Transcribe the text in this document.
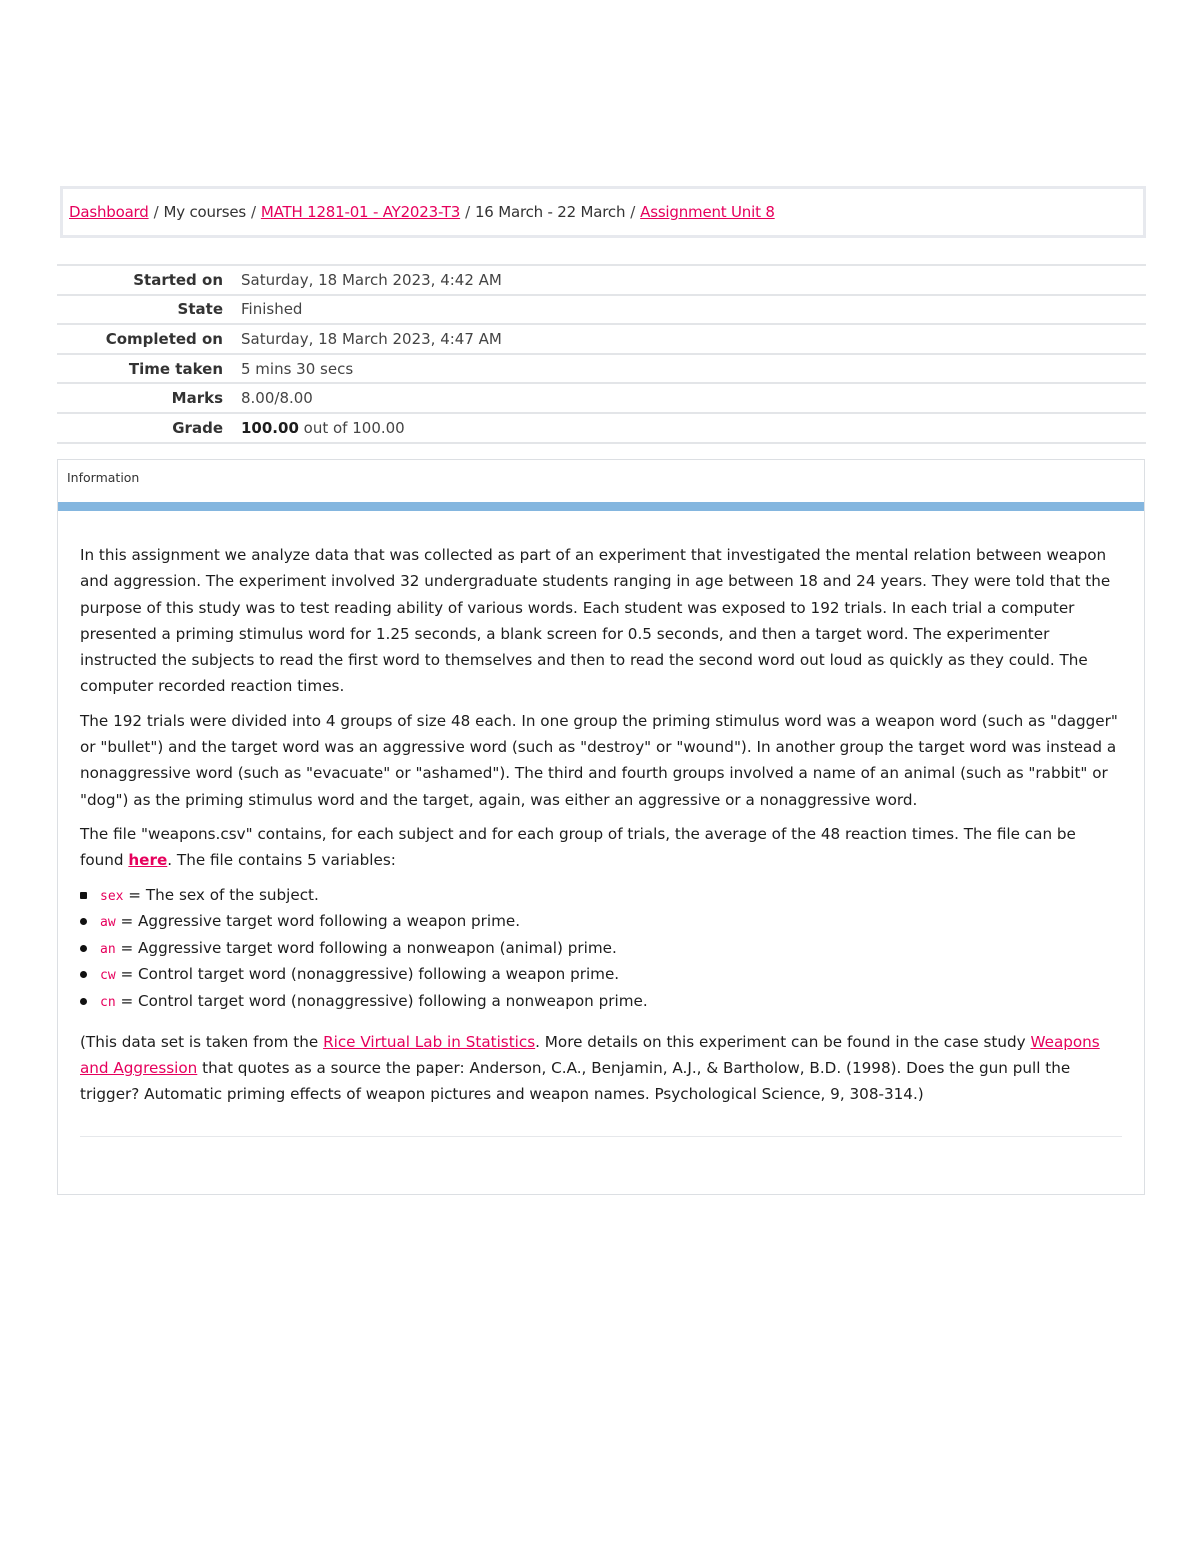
Dashboard / My courses / MATH 1281-01 - AY2023-T3 / 16 March - 22 March / Assignment Unit 8
Started on	Saturday, 18 March 2023, 4:42 AM
State	Finished
Completed on	Saturday, 18 March 2023, 4:47 AM
Time taken	5 mins 30 secs
Marks	8.00/8.00
Grade	100.00 out of 100.00
Information

In this assignment we analyze data that was collected as part of an experiment that investigated the mental relation between weapon and aggression. The experiment involved 32 undergraduate students ranging in age between 18 and 24 years. They were told that the purpose of this study was to test reading ability of various words. Each student was exposed to 192 trials. In each trial a computer presented a priming stimulus word for 1.25 seconds, a blank screen for 0.5 seconds, and then a target word. The experimenter instructed the subjects to read the first word to themselves and then to read the second word out loud as quickly as they could. The computer recorded reaction times.

The 192 trials were divided into 4 groups of size 48 each. In one group the priming stimulus word was a weapon word (such as "dagger" or "bullet") and the target word was an aggressive word (such as "destroy" or "wound"). In another group the target word was instead a nonaggressive word (such as "evacuate" or "ashamed"). The third and fourth groups involved a name of an animal (such as "rabbit" or "dog") as the priming stimulus word and the target, again, was either an aggressive or a nonaggressive word.

The file "weapons.csv" contains, for each subject and for each group of trials, the average of the 48 reaction times. The file can be found here. The file contains 5 variables:

sex = The sex of the subject.
aw = Aggressive target word following a weapon prime.
an = Aggressive target word following a nonweapon (animal) prime.
cw = Control target word (nonaggressive) following a weapon prime.
cn = Control target word (nonaggressive) following a nonweapon prime.

(This data set is taken from the Rice Virtual Lab in Statistics. More details on this experiment can be found in the case study Weapons and Aggression that quotes as a source the paper: Anderson, C.A., Benjamin, A.J., & Bartholow, B.D. (1998). Does the gun pull the trigger? Automatic priming effects of weapon pictures and weapon names. Psychological Science, 9, 308-314.)
